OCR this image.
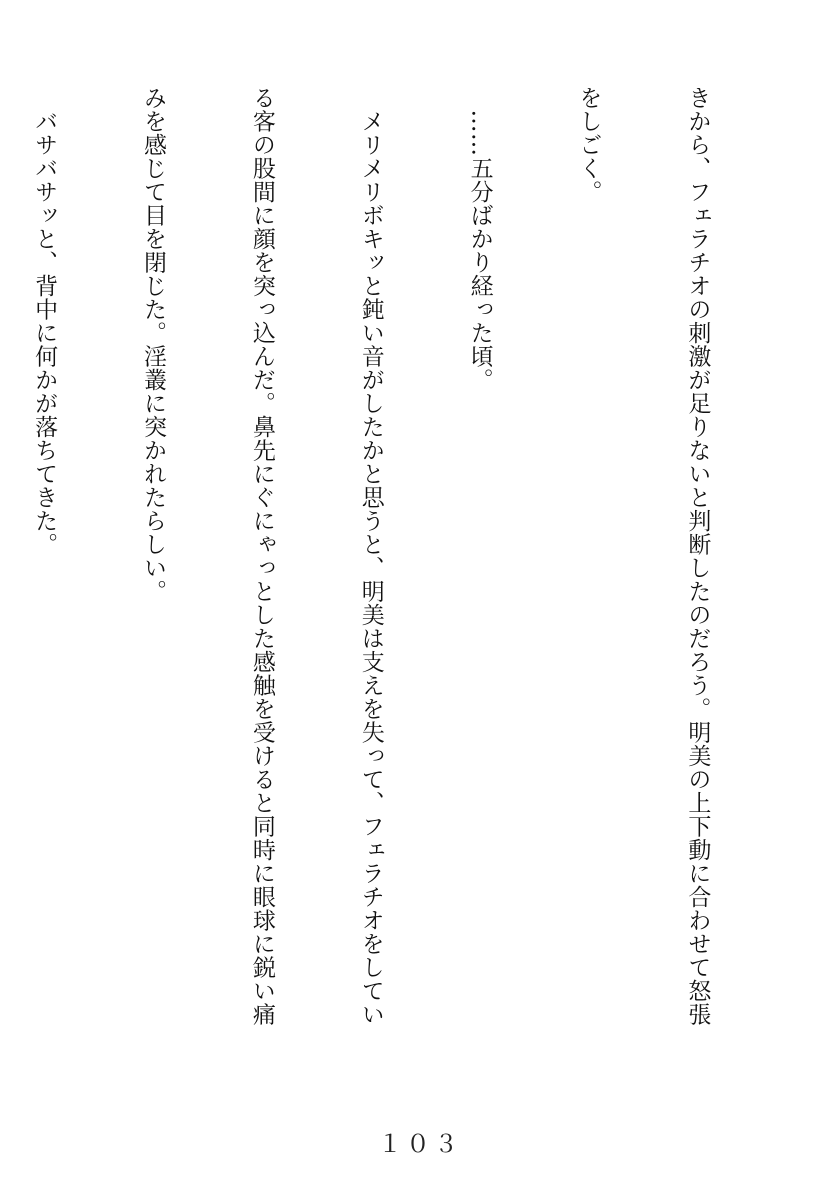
きから、フェラチオの刺激が足りないと判断したのだろう。明美の上下動に合わせて怒張

をしごく。

　……五分ばかり経った頃。

　メリメリボキッと鈍い音がしたかと思うと、明美は支えを失って、フェラチオをしてい

る客の股間に顔を突っ込んだ。鼻先にぐにゃっとした感触を受けると同時に眼球に鋭い痛

みを感じて目を閉じた。淫叢に突かれたらしい。

　バサバサッと、背中に何かが落ちてきた。

１０３
